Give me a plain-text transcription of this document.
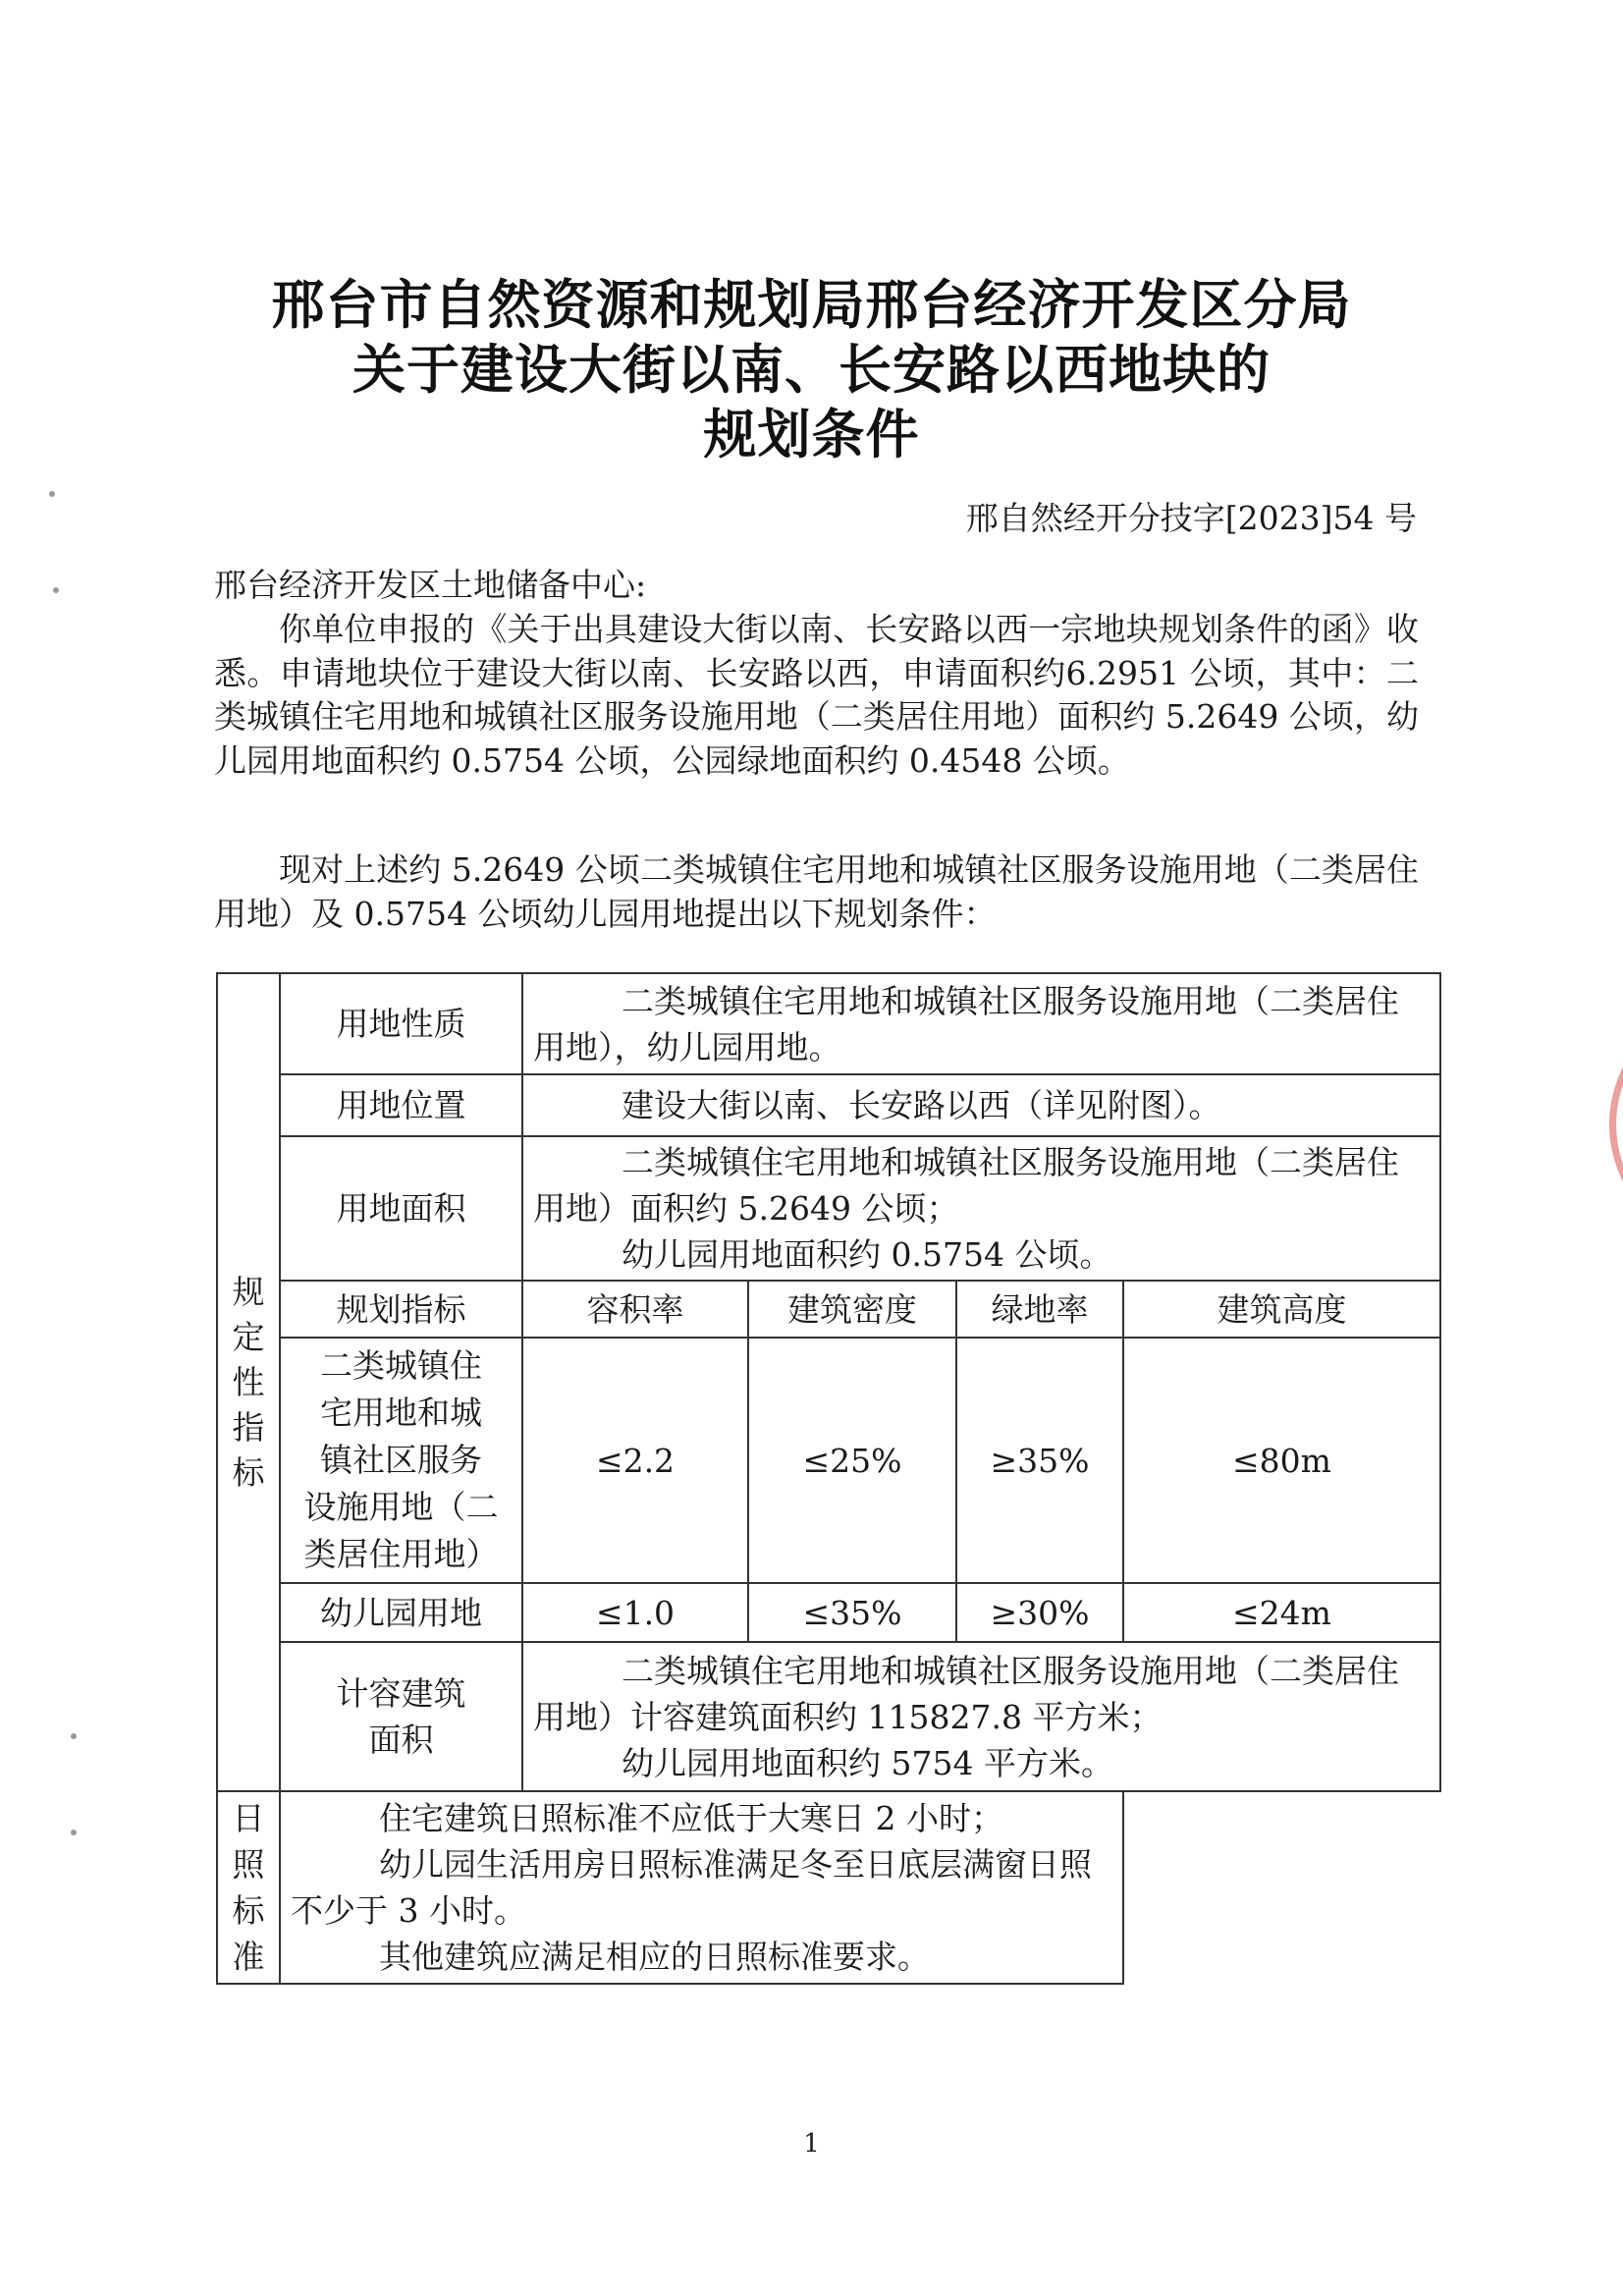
邢台市自然资源和规划局邢台经济开发区分局
关于建设大街以南、长安路以西地块的
规划条件
邢自然经开分技字[2023]54 号
邢台经济开发区土地储备中心:
你单位申报的《关于出具建设大街以南、长安路以西一宗地块规划条件的函》收悉。申请地块位于建设大街以南、长安路以西，申请面积约6.2951 公顷，其中：二类城镇住宅用地和城镇社区服务设施用地（二类居住用地）面积约 5.2649 公顷，幼儿园用地面积约 0.5754 公顷，公园绿地面积约 0.4548 公顷。
现对上述约 5.2649 公顷二类城镇住宅用地和城镇社区服务设施用地（二类居住用地）及 0.5754 公顷幼儿园用地提出以下规划条件：
规
定
性
指
标	用地性质	二类城镇住宅用地和城镇社区服务设施用地（二类居住用地），幼儿园用地。			

	用地位置	建设大街以南、长安路以西（详见附图）。			

	用地面积	二类城镇住宅用地和城镇社区服务设施用地（二类居住用地）面积约 5.2649 公顷；
幼儿园用地面积约 0.5754 公顷。			

	规划指标	容积率	建筑密度	绿地率	建筑高度

	二类城镇住
宅用地和城
镇社区服务
设施用地（二
类居住用地）	≤2.2	≤25%	≥35%	≤80m
	幼儿园用地	≤1.0	≤35%	≥30%	≤24m

	计容建筑
面积	二类城镇住宅用地和城镇社区服务设施用地（二类居住用地）计容建筑面积约 115827.8 平方米；
幼儿园用地面积约 5754 平方米。			

日照标准	住宅建筑日照标准不应低于大寒日 2 小时；
幼儿园生活用房日照标准满足冬至日底层满窗日照不少于 3 小时。
其他建筑应满足相应的日照标准要求。				
1
